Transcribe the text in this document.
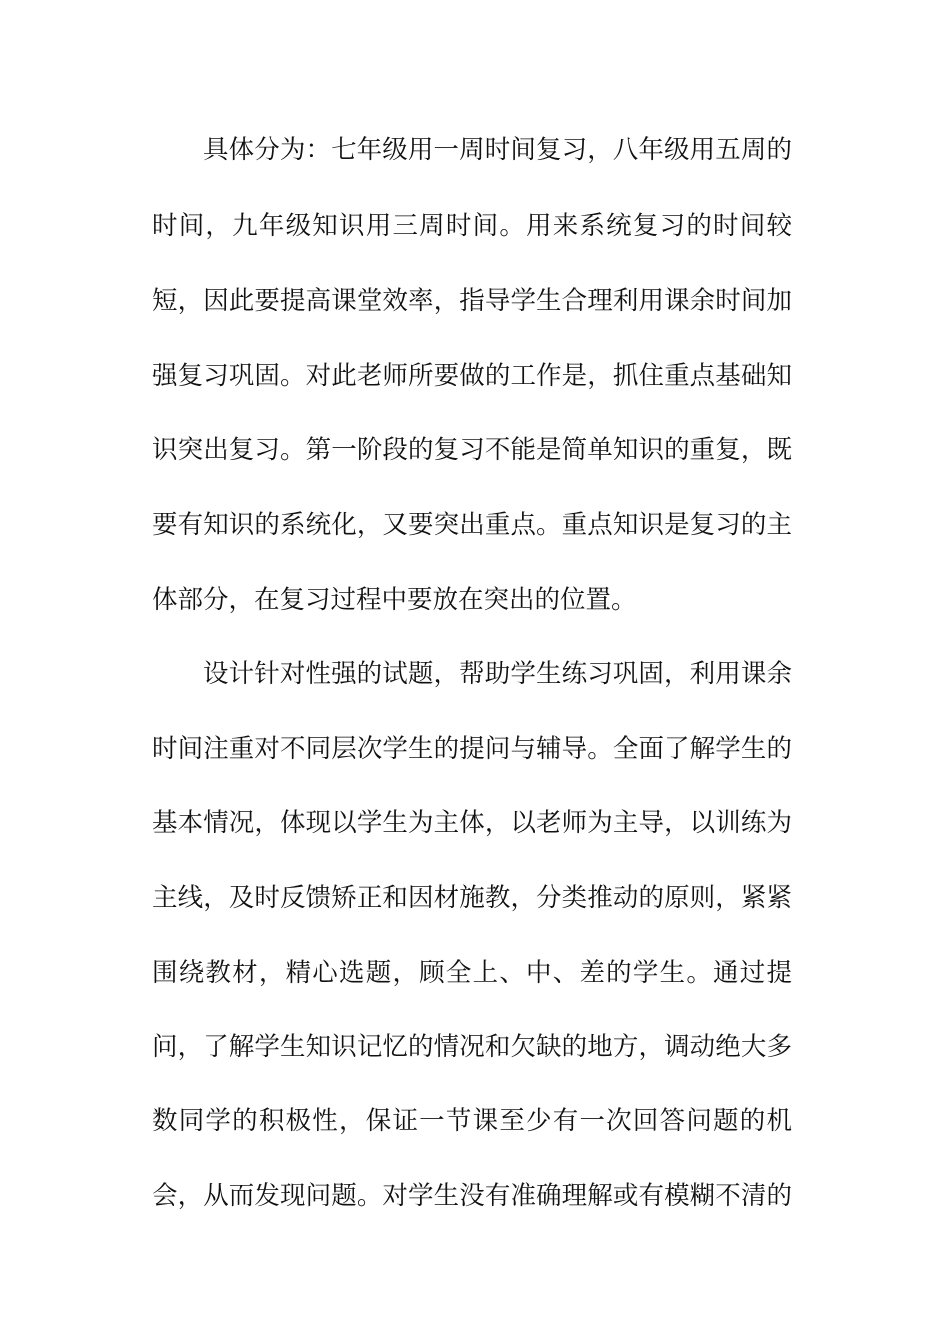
具体分为：七年级用一周时间复习，八年级用五周的
时间，九年级知识用三周时间。用来系统复习的时间较
短，因此要提高课堂效率，指导学生合理利用课余时间加
强复习巩固。对此老师所要做的工作是，抓住重点基础知
识突出复习。第一阶段的复习不能是简单知识的重复，既
要有知识的系统化，又要突出重点。重点知识是复习的主
体部分，在复习过程中要放在突出的位置。
设计针对性强的试题，帮助学生练习巩固，利用课余
时间注重对不同层次学生的提问与辅导。全面了解学生的
基本情况，体现以学生为主体，以老师为主导，以训练为
主线，及时反馈矫正和因材施教，分类推动的原则，紧紧
围绕教材，精心选题，顾全上、中、差的学生。通过提
问，了解学生知识记忆的情况和欠缺的地方，调动绝大多
数同学的积极性，保证一节课至少有一次回答问题的机
会，从而发现问题。对学生没有准确理解或有模糊不清的
